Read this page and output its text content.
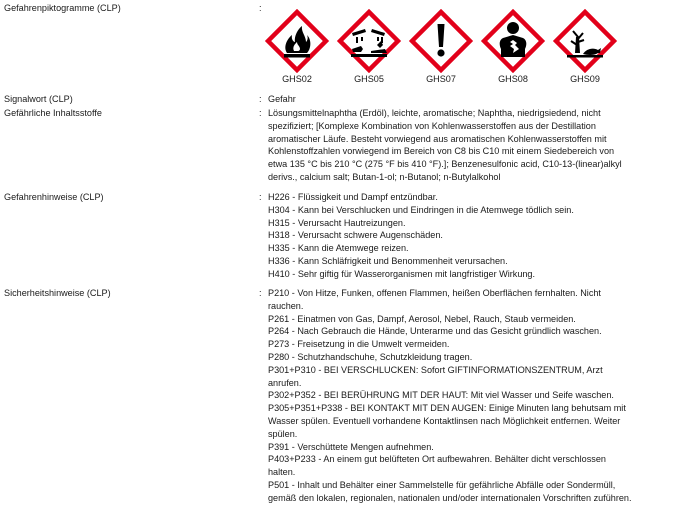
Gefahrenpiktogramme (CLP)	:
GHS02	GHS05	GHS07	GHS08	GHS09
Signalwort (CLP)	: Gefahr
Gefährliche Inhaltsstoffe	: Lösungsmittelnaphtha (Erdöl), leichte, aromatische; Naphtha, niedrigsiedend, nicht
spezifiziert; [Komplexe Kombination von Kohlenwasserstoffen aus der Destillation
aromatischer Läufe. Besteht vorwiegend aus aromatischen Kohlenwasserstoffen mit
Kohlenstoffzahlen vorwiegend im Bereich von C8 bis C10 mit einem Siedebereich von
etwa 135 °C bis 210 °C (275 °F bis 410 °F).]; Benzenesulfonic acid, C10-13-(linear)alkyl
derivs., calcium salt; Butan-1-ol; n-Butanol; n-Butylalkohol
Gefahrenhinweise (CLP)	: H226 - Flüssigkeit und Dampf entzündbar.
H304 - Kann bei Verschlucken und Eindringen in die Atemwege tödlich sein.
H315 - Verursacht Hautreizungen.
H318 - Verursacht schwere Augenschäden.
H335 - Kann die Atemwege reizen.
H336 - Kann Schläfrigkeit und Benommenheit verursachen.
H410 - Sehr giftig für Wasserorganismen mit langfristiger Wirkung.
Sicherheitshinweise (CLP)	: P210 - Von Hitze, Funken, offenen Flammen, heißen Oberflächen fernhalten. Nicht
rauchen.
P261 - Einatmen von Gas, Dampf, Aerosol, Nebel, Rauch, Staub vermeiden.
P264 - Nach Gebrauch die Hände, Unterarme und das Gesicht gründlich waschen.
P273 - Freisetzung in die Umwelt vermeiden.
P280 - Schutzhandschuhe, Schutzkleidung tragen.
P301+P310 - BEI VERSCHLUCKEN: Sofort GIFTINFORMATIONSZENTRUM, Arzt
anrufen.
P302+P352 - BEI BERÜHRUNG MIT DER HAUT: Mit viel Wasser und Seife waschen.
P305+P351+P338 - BEI KONTAKT MIT DEN AUGEN: Einige Minuten lang behutsam mit
Wasser spülen. Eventuell vorhandene Kontaktlinsen nach Möglichkeit entfernen. Weiter
spülen.
P391 - Verschüttete Mengen aufnehmen.
P403+P233 - An einem gut belüfteten Ort aufbewahren. Behälter dicht verschlossen
halten.
P501 - Inhalt und Behälter einer Sammelstelle für gefährliche Abfälle oder Sondermüll,
gemäß den lokalen, regionalen, nationalen und/oder internationalen Vorschriften zuführen.
